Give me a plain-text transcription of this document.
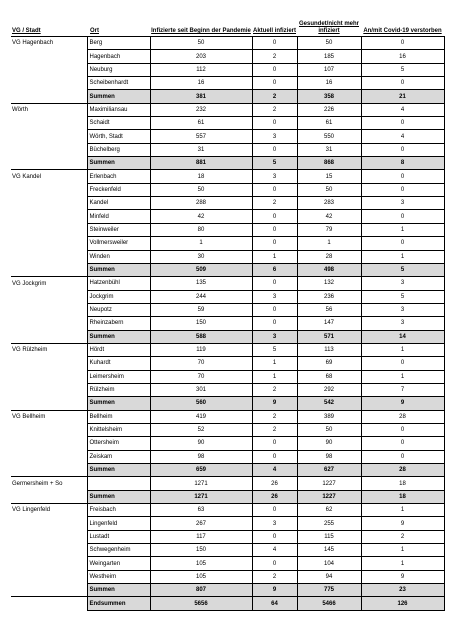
VG / Stadt	Ort	Infizierte seit Beginn der Pandemie	Aktuell infiziert	Gesundet/nicht mehr infiziert	An/mit Covid-19 verstorben
VG Hagenbach	Berg	50	0	50	0
	Hagenbach	203	2	185	16
	Neuburg	112	0	107	5
	Scheibenhardt	16	0	16	0
	Summen	381	2	358	21
Wörth	Maximiliansau	232	2	226	4
	Schaidt	61	0	61	0
	Wörth, Stadt	557	3	550	4
	Büchelberg	31	0	31	0
	Summen	881	5	868	8
VG Kandel	Erlenbach	18	3	15	0
	Freckenfeld	50	0	50	0
	Kandel	288	2	283	3
	Minfeld	42	0	42	0
	Steinweiler	80	0	79	1
	Vollmersweiler	1	0	1	0
	Winden	30	1	28	1
	Summen	509	6	498	5
VG Jockgrim	Hatzenbühl	135	0	132	3
	Jockgrim	244	3	236	5
	Neupotz	59	0	56	3
	Rheinzabern	150	0	147	3
	Summen	588	3	571	14
VG Rülzheim	Hördt	119	5	113	1
	Kuhardt	70	1	69	0
	Leimersheim	70	1	68	1
	Rülzheim	301	2	292	7
	Summen	560	9	542	9
VG Bellheim	Bellheim	419	2	389	28
	Knittelsheim	52	2	50	0
	Ottersheim	90	0	90	0
	Zeiskam	98	0	98	0
	Summen	659	4	627	28
Germersheim + So		1271	26	1227	18
	Summen	1271	26	1227	18
VG Lingenfeld	Freisbach	63	0	62	1
	Lingenfeld	267	3	255	9
	Lustadt	117	0	115	2
	Schwegenheim	150	4	145	1
	Weingarten	105	0	104	1
	Westheim	105	2	94	9
	Summen	807	9	775	23
	Endsummen	5656	64	5466	126
